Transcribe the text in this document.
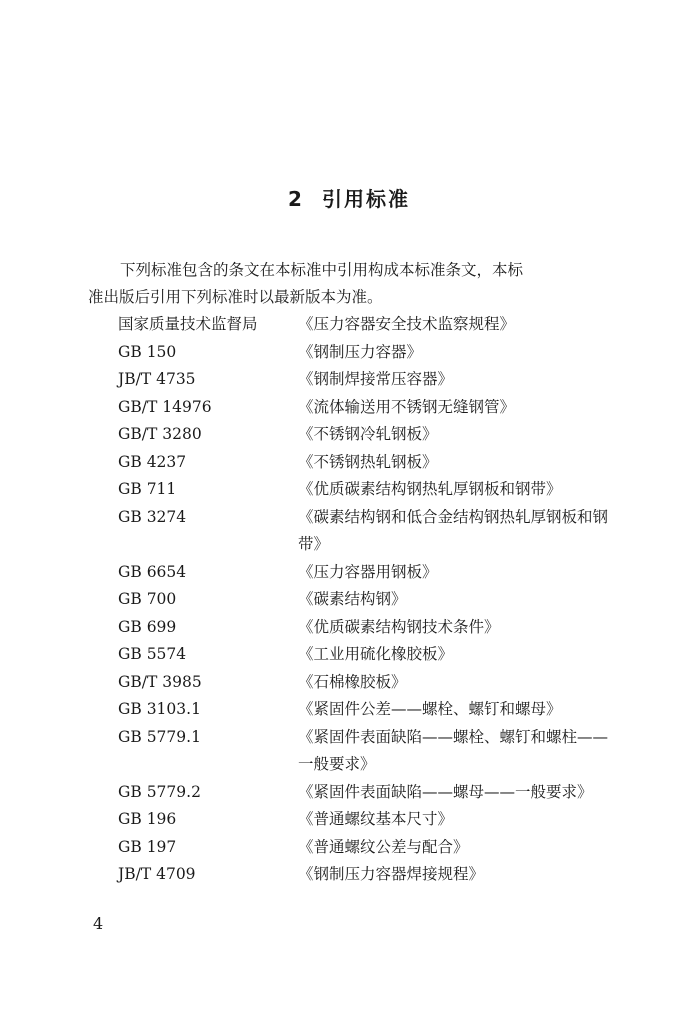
2 引用标准
下列标准包含的条文在本标准中引用构成本标准条文，本标
准出版后引用下列标准时以最新版本为准。
国家质量技术监督局	《压力容器安全技术监察规程》
GB 150	《钢制压力容器》
JB/T 4735	《钢制焊接常压容器》
GB/T 14976	《流体输送用不锈钢无缝钢管》
GB/T 3280	《不锈钢冷轧钢板》
GB 4237	《不锈钢热轧钢板》
GB 711	《优质碳素结构钢热轧厚钢板和钢带》
GB 3274	《碳素结构钢和低合金结构钢热轧厚钢板和钢带》
GB 6654	《压力容器用钢板》
GB 700	《碳素结构钢》
GB 699	《优质碳素结构钢技术条件》
GB 5574	《工业用硫化橡胶板》
GB/T 3985	《石棉橡胶板》
GB 3103.1	《紧固件公差——螺栓、螺钉和螺母》
GB 5779.1	《紧固件表面缺陷——螺栓、螺钉和螺柱——一般要求》
GB 5779.2	《紧固件表面缺陷——螺母——一般要求》
GB 196	《普通螺纹基本尺寸》
GB 197	《普通螺纹公差与配合》
JB/T 4709	《钢制压力容器焊接规程》
4
